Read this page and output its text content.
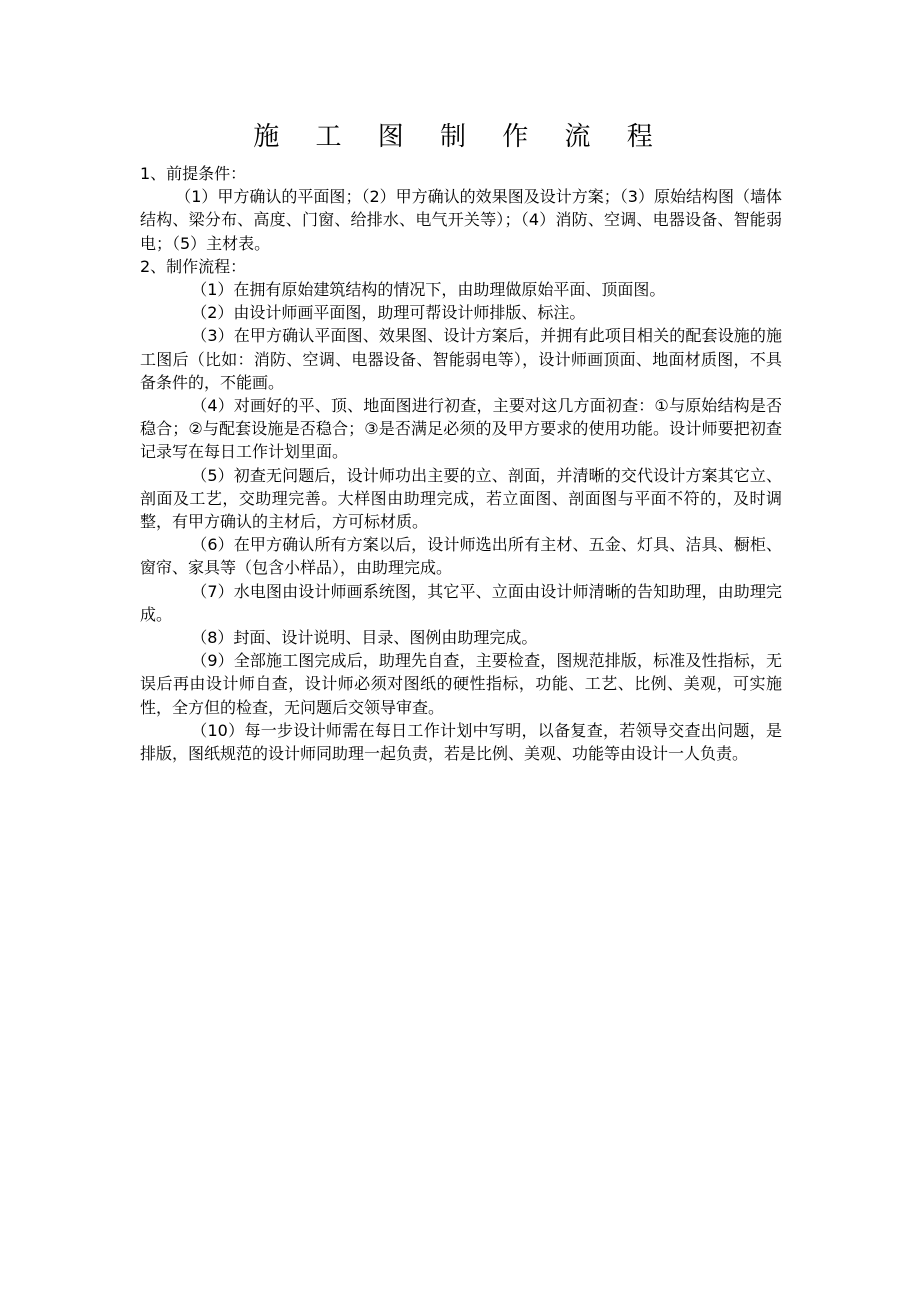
施 工 图 制 作 流 程

1、前提条件：

（1）甲方确认的平面图；（2）甲方确认的效果图及设计方案；（3）原始结构图（墙体结构、梁分布、高度、门窗、给排水、电气开关等）；（4）消防、空调、电器设备、智能弱电；（5）主材表。

2、制作流程：

（1）在拥有原始建筑结构的情况下，由助理做原始平面、顶面图。

（2）由设计师画平面图，助理可帮设计师排版、标注。

（3）在甲方确认平面图、效果图、设计方案后，并拥有此项目相关的配套设施的施工图后（比如：消防、空调、电器设备、智能弱电等），设计师画顶面、地面材质图，不具备条件的，不能画。

（4）对画好的平、顶、地面图进行初查，主要对这几方面初查：①与原始结构是否稳合；②与配套设施是否稳合；③是否满足必须的及甲方要求的使用功能。设计师要把初查记录写在每日工作计划里面。

（5）初查无问题后，设计师功出主要的立、剖面，并清晰的交代设计方案其它立、剖面及工艺，交助理完善。大样图由助理完成，若立面图、剖面图与平面不符的，及时调整，有甲方确认的主材后，方可标材质。

（6）在甲方确认所有方案以后，设计师选出所有主材、五金、灯具、洁具、橱柜、窗帘、家具等（包含小样品），由助理完成。

（7）水电图由设计师画系统图，其它平、立面由设计师清晰的告知助理，由助理完成。

（8）封面、设计说明、目录、图例由助理完成。

（9）全部施工图完成后，助理先自查，主要检查，图规范排版，标准及性指标，无误后再由设计师自查，设计师必须对图纸的硬性指标，功能、工艺、比例、美观，可实施性，全方但的检查，无问题后交领导审查。

（10）每一步设计师需在每日工作计划中写明，以备复查，若领导交查出问题，是排版，图纸规范的设计师同助理一起负责，若是比例、美观、功能等由设计一人负责。
